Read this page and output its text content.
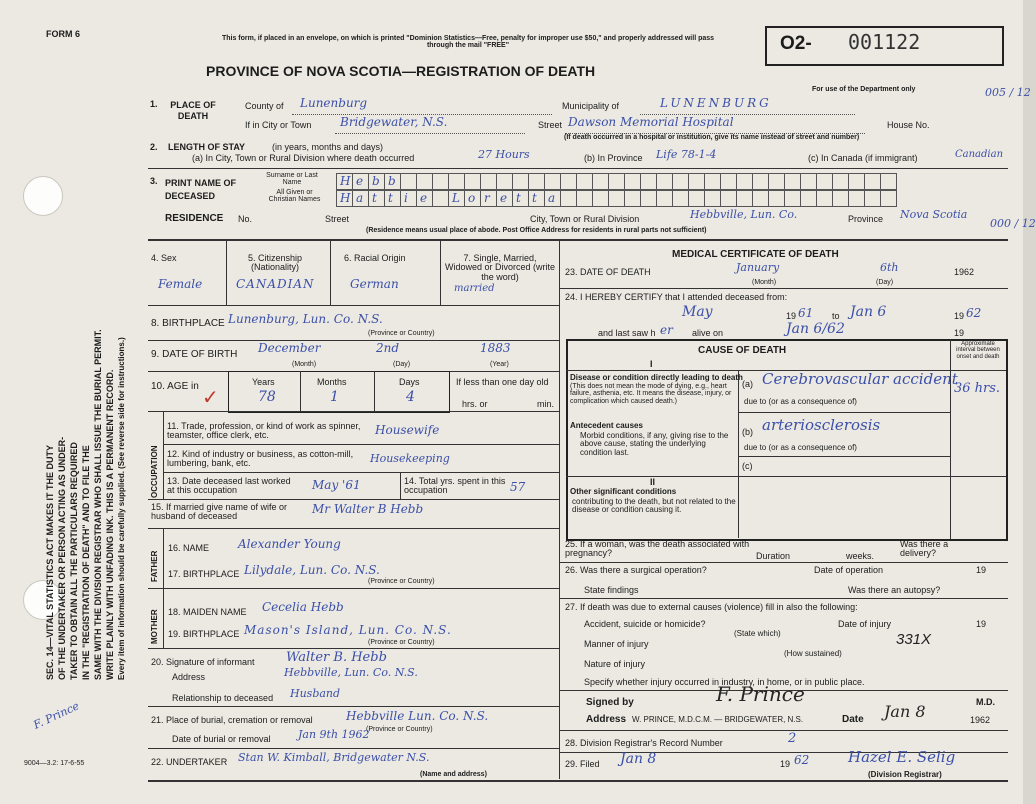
SEC. 14—VITAL STATISTICS ACT MAKES IT THE DUTY OF THE UNDERTAKER OR PERSON ACTING AS UNDER- TAKER TO OBTAIN ALL THE PARTICULARS REQUIRED IN THE "REGISTRATION OF DEATH" AND TO FILE THE SAME WITH THE DIVISION REGISTRAR WHO SHALL ISSUE THE BURIAL PERMIT. WRITE PLAINLY WITH UNFADING INK. THIS IS A PERMANENT RECORD. Every item of information should be carefully supplied. (See reverse side for instructions.)
F. Prince
9004—3.2: 17-6-55
FORM 6	This form, if placed in an envelope, on which is printed "Dominion Statistics—Free, penalty for improper use $50," and properly addressed will pass through the mail "FREE"
PROVINCE OF NOVA SCOTIA—REGISTRATION OF DEATH
O2- 001122
For use of the Department only	005 / 12
000 / 12
1. PLACE OF DEATH
County of Lunenburg	Municipality of	LUNENBURG
If in City or Town Bridgewater, N.S.	Street Dawson Memorial Hospital	House No.
(If death occurred in a hospital or institution, give its name instead of street and number)
2. LENGTH OF STAY	(in years, months and days)
(a) In City, Town or Rural Division where death occurred	27 Hours	(b) In Province Life 78-1-4	(c) In Canada (if immigrant)	Canadian
3. PRINT NAME OF DECEASED
Surname or Last Name
All Given or Christian Names
H e b b
H a t t i e L o r e t t a
RESIDENCE No.	Street	City, Town or Rural Division	Hebbville, Lun. Co.	Province Nova Scotia
(Residence means usual place of abode. Post Office Address for residents in rural parts not sufficient)
4. Sex
Female
5. Citizenship (Nationality)
CANADIAN
6. Racial Origin
German
7. Single, Married, Widowed or Divorced (write the word)
married
8. BIRTHPLACE Lunenburg, Lun. Co. N.S.
(Province or Country)
9. DATE OF BIRTH December	2nd	1883
(Month)	(Day)	(Year)
10. AGE in
✓
Years	Months	Days
78	1	4
If less than one day old
hrs. or	min.
OCCUPATION
11. Trade, profession, or kind of work as spinner, teamster, office clerk, etc.	Housewife
12. Kind of industry or business, as cotton-mill, lumbering, bank, etc.	Housekeeping
13. Date deceased last worked at this occupation	May '61	14. Total yrs. spent in this occupation	57
15. If married give name of wife or husband of deceased
Mr Walter B Hebb
FATHER
16. NAME Alexander Young
17. BIRTHPLACE Lilydale, Lun. Co. N.S.
(Province or Country)
MOTHER 18. MAIDEN NAME Cecelia Hebb
19. BIRTHPLACE Mason's Island, Lun. Co. N.S.
(Province or Country)
20. Signature of informant Walter B. Hebb
Address	Hebbville, Lun. Co. N.S.
Relationship to deceased Husband
21. Place of burial, cremation or removal	Hebbville Lun. Co. N.S.
(Province or Country)
Date of burial or removal Jan 9th 1962
22. UNDERTAKER Stan W. Kimball, Bridgewater N.S.
(Name and address)
MEDICAL CERTIFICATE OF DEATH
23. DATE OF DEATH	January	6th	1962
(Month)	(Day)
24. I HEREBY CERTIFY that I attended deceased from:
May	19 61 to Jan 6	19 62
and last saw h er alive on	Jan 6/62	19
CAUSE OF DEATH
Approximate interval between onset and death
I
Disease or condition directly leading to death
(This does not mean the mode of dying, e.g., heart failure, asthenia, etc. It means the disease, injury, or complication which caused death.)
(a) Cerebrovascular accident
36 hrs.
due to (or as a consequence of)
Antecedent causes
Morbid conditions, if any, giving rise to the above cause, stating the underlying condition last.
(b) arteriosclerosis
due to (or as a consequence of)
(c)
II
Other significant conditions
contributing to the death, but not related to the disease or condition causing it.
25. If a woman, was the death associated with pregnancy?	Duration	weeks.
Was there a delivery?
26. Was there a surgical operation?	Date of operation	19
State findings	Was there an autopsy?
27. If death was due to external causes (violence) fill in also the following:
Accident, suicide or homicide?
(State which)
Date of injury	19
Manner of injury	331X
(How sustained)
Nature of injury
Specify whether injury occurred in industry, in home, or in public place.
Signed by	F. Prince	M.D.
Address W. PRINCE, M.D.C.M. — BRIDGEWATER, N.S.	Date Jan 8	1962
28. Division Registrar's Record Number	2
29. Filed Jan 8	19 62	Hazel E. Selig
(Division Registrar)
